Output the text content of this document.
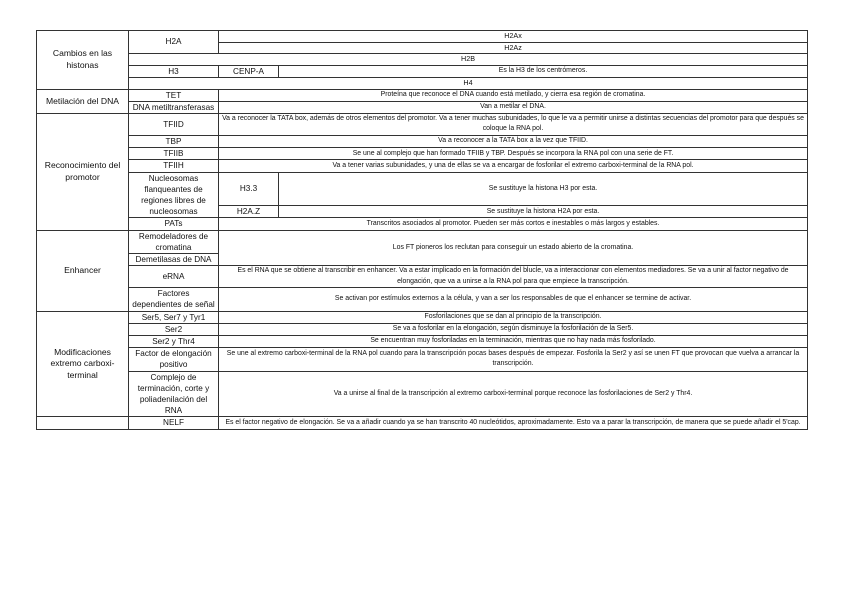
Cambios en las histonas	H2A	H2Ax	
		H2Az	
	H2B		
	H3	CENP-A	Es la H3 de los centrómeros.
	H4		
Metilación del DNA	TET	Proteína que reconoce el DNA cuando está metilado, y cierra esa región de cromatina.	
	DNA metiltransferasas	Van a metilar el DNA.	
Reconocimiento del promotor	TFIID	Va a reconocer la TATA box, además de otros elementos del promotor. Va a tener muchas subunidades, lo que le va a permitir unirse a distintas secuencias del promotor para que después se coloque la RNA pol.	
	TBP	Va a reconocer a la TATA box a la vez que TFIID.	
	TFIIB	Se une al complejo que han formado TFIIB y TBP. Después se incorpora la RNA pol con una serie de FT.	
	TFIIH	Va a tener varias subunidades, y una de ellas se va a encargar de fosforilar el extremo carboxi-terminal de la RNA pol.	
	Nucleosomas flanqueantes de regiones libres de nucleosomas	H3.3	Se sustituye la histona H3 por esta.

		H2A.Z	Se sustituye la histona H2A por esta.
	PATs	Transcritos asociados al promotor. Pueden ser más cortos e inestables o más largos y estables.	
Enhancer	Remodeladores de cromatina	Los FT pioneros los reclutan para conseguir un estado abierto de la cromatina.	
	Demetilasas de DNA		
	eRNA	Es el RNA que se obtiene al transcribir en enhancer. Va a estar implicado en la formación del blucle, va a interaccionar con elementos mediadores. Se va a unir al factor negativo de elongación, que va a unirse a la RNA pol para que empiece la transcripción.	
	Factores dependientes de señal	Se activan por estímulos externos a la célula, y van a ser los responsables de que el enhancer se termine de activar.	
Modificaciones extremo carboxi-terminal	Ser5, Ser7 y Tyr1	Fosforilaciones que se dan al principio de la transcripción.	
	Ser2	Se va a fosforilar en la elongación, según disminuye la fosforilación de la Ser5.	
	Ser2 y Thr4	Se encuentran muy fosforiladas en la terminación, mientras que no hay nada más fosforilado.	
	Factor de elongación positivo	Se une al extremo carboxi-terminal de la RNA pol cuando para la transcripción pocas bases después de empezar. Fosforila la Ser2 y así se unen FT que provocan que vuelva a arrancar la transcripción.	
	Complejo de terminación, corte y poliadenilación del RNA	Va a unirse al final de la transcripción al extremo carboxi-terminal porque reconoce las fosforilaciones de Ser2 y Thr4.	
	NELF	Es el factor negativo de elongación. Se va a añadir cuando ya se han transcrito 40 nucleótidos, aproximadamente. Esto va a parar la transcripción, de manera que se puede añadir el 5'cap.	
